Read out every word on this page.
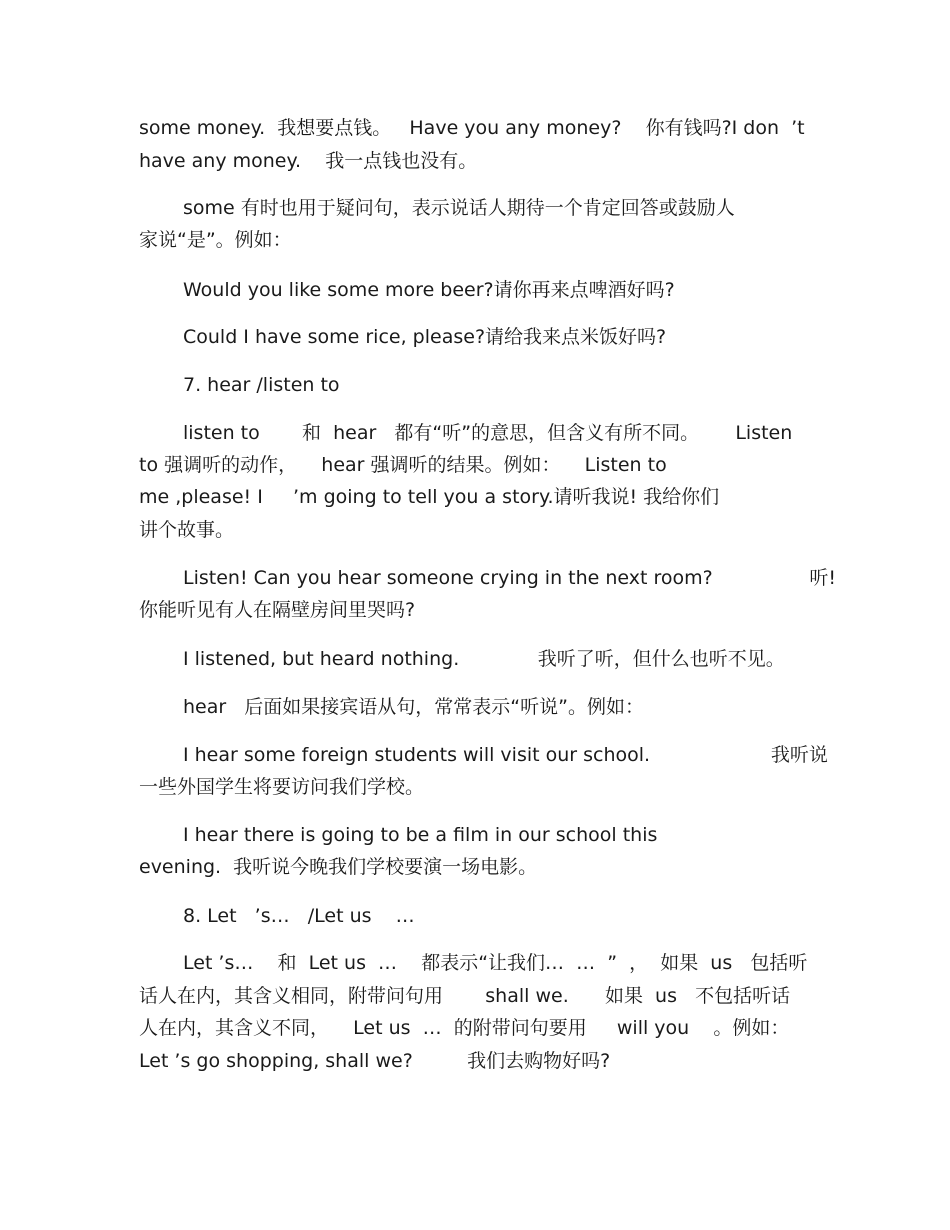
some money.  我想要点钱。   Have you any money?    你有钱吗?I don  ’t
have any money.    我一点钱也没有。
some 有时也用于疑问句，表示说话人期待一个肯定回答或鼓励人
家说“是”。例如：
Would you like some more beer?请你再来点啤酒好吗?
Could I have some rice, please?请给我来点米饭好吗?
7. hear /listen to
listen to       和  hear   都有“听”的意思，但含义有所不同。      Listen
to 强调听的动作，    hear 强调听的结果。例如：    Listen to
me ,please! I     ’m going to tell you a story.请听我说! 我给你们
讲个故事。
Listen! Can you hear someone crying in the next room?                听!
你能听见有人在隔壁房间里哭吗?
I listened, but heard nothing.             我听了听，但什么也听不见。
hear   后面如果接宾语从句，常常表示“听说”。例如：
I hear some foreign students will visit our school.                    我听说
一些外国学生将要访问我们学校。
I hear there is going to be a film in our school this
evening.  我听说今晚我们学校要演一场电影。
8. Let   ’s…   /Let us    …
Let ’s…    和  Let us  …    都表示“让我们…  …  ”  ，  如果  us   包括听
话人在内，其含义相同，附带问句用       shall we.      如果  us   不包括听话
人在内，其含义不同，    Let us  …  的附带问句要用     will you    。例如：
Let ’s go shopping, shall we?         我们去购物好吗?
